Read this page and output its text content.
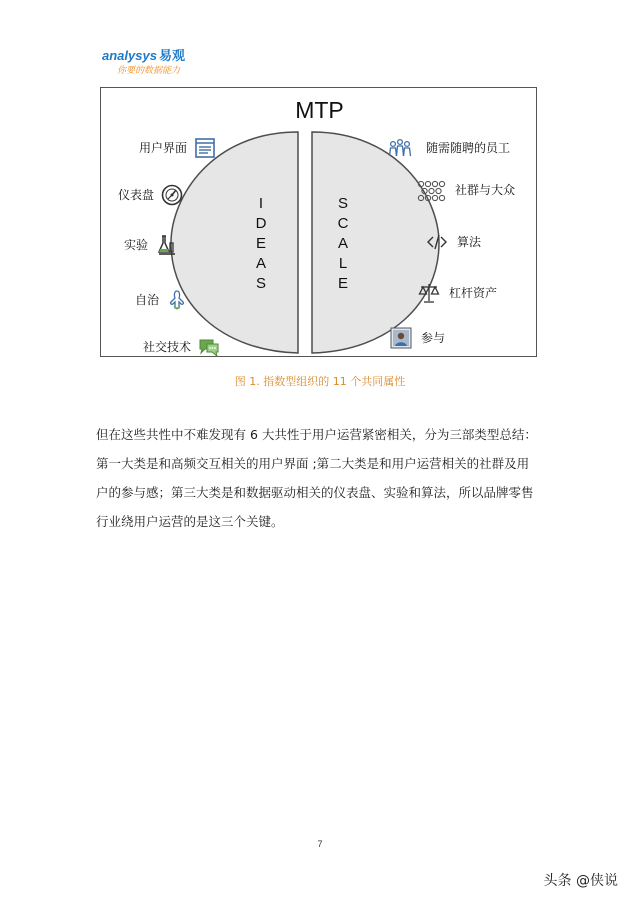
analysys 易观
你要的数据能力
MTP
I
D
E
A
S
S
C
A
L
E
用户界面
仪表盘
实验
自治
社交技术
随需随聘的员工
社群与大众
算法
杠杆资产
参与
图 1. 指数型组织的 11 个共同属性
但在这些共性中不难发现有 6 大共性于用户运营紧密相关，分为三部类型总结：
第一大类是和高频交互相关的用户界面 ;第二大类是和用户运营相关的社群及用
户的参与感；第三大类是和数据驱动相关的仪表盘、实验和算法，所以品牌零售
行业绕用户运营的是这三个关键。
7
头条 @侠说
